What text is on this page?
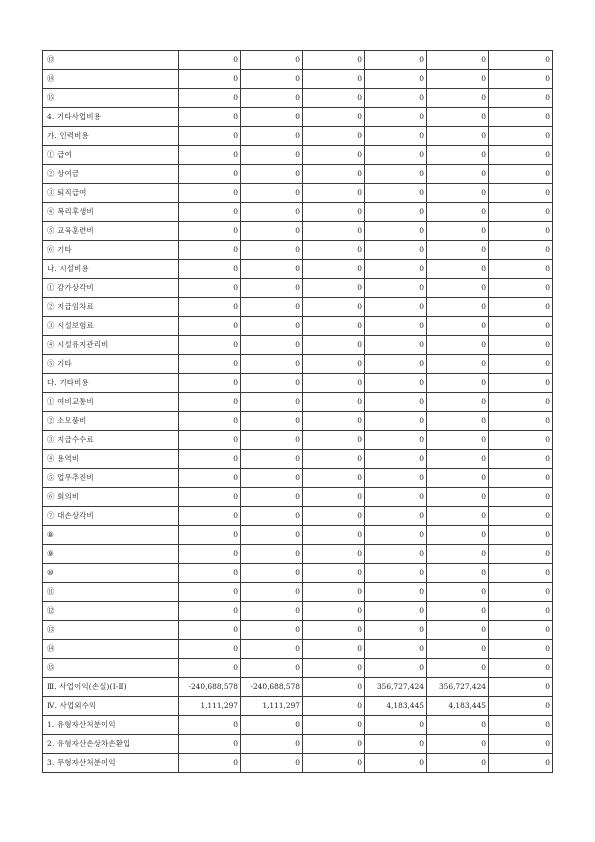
⑬	0	0	0	0	0	0
⑭	0	0	0	0	0	0
⑮	0	0	0	0	0	0
4. 기타사업비용	0	0	0	0	0	0
가. 인력비용	0	0	0	0	0	0
① 급여	0	0	0	0	0	0
② 상여금	0	0	0	0	0	0
③ 퇴직급여	0	0	0	0	0	0
④ 복리후생비	0	0	0	0	0	0
⑤ 교육훈련비	0	0	0	0	0	0
⑥ 기타	0	0	0	0	0	0
나. 시설비용	0	0	0	0	0	0
① 감가상각비	0	0	0	0	0	0
② 지급임차료	0	0	0	0	0	0
③ 시설보험료	0	0	0	0	0	0
④ 시설유지관리비	0	0	0	0	0	0
⑤ 기타	0	0	0	0	0	0
다. 기타비용	0	0	0	0	0	0
① 여비교통비	0	0	0	0	0	0
② 소모품비	0	0	0	0	0	0
③ 지급수수료	0	0	0	0	0	0
④ 용역비	0	0	0	0	0	0
⑤ 업무추진비	0	0	0	0	0	0
⑥ 회의비	0	0	0	0	0	0
⑦ 대손상각비	0	0	0	0	0	0
⑧	0	0	0	0	0	0
⑨	0	0	0	0	0	0
⑩	0	0	0	0	0	0
⑪	0	0	0	0	0	0
⑫	0	0	0	0	0	0
⑬	0	0	0	0	0	0
⑭	0	0	0	0	0	0
⑮	0	0	0	0	0	0
Ⅲ. 사업이익(손실)(Ⅰ-Ⅱ)	-240,688,578	-240,688,578	0	356,727,424	356,727,424	0
Ⅳ. 사업외수익	1,111,297	1,111,297	0	4,183,445	4,183,445	0
1. 유형자산처분이익	0	0	0	0	0	0
2. 유형자산손상차손환입	0	0	0	0	0	0
3. 무형자산처분이익	0	0	0	0	0	0
